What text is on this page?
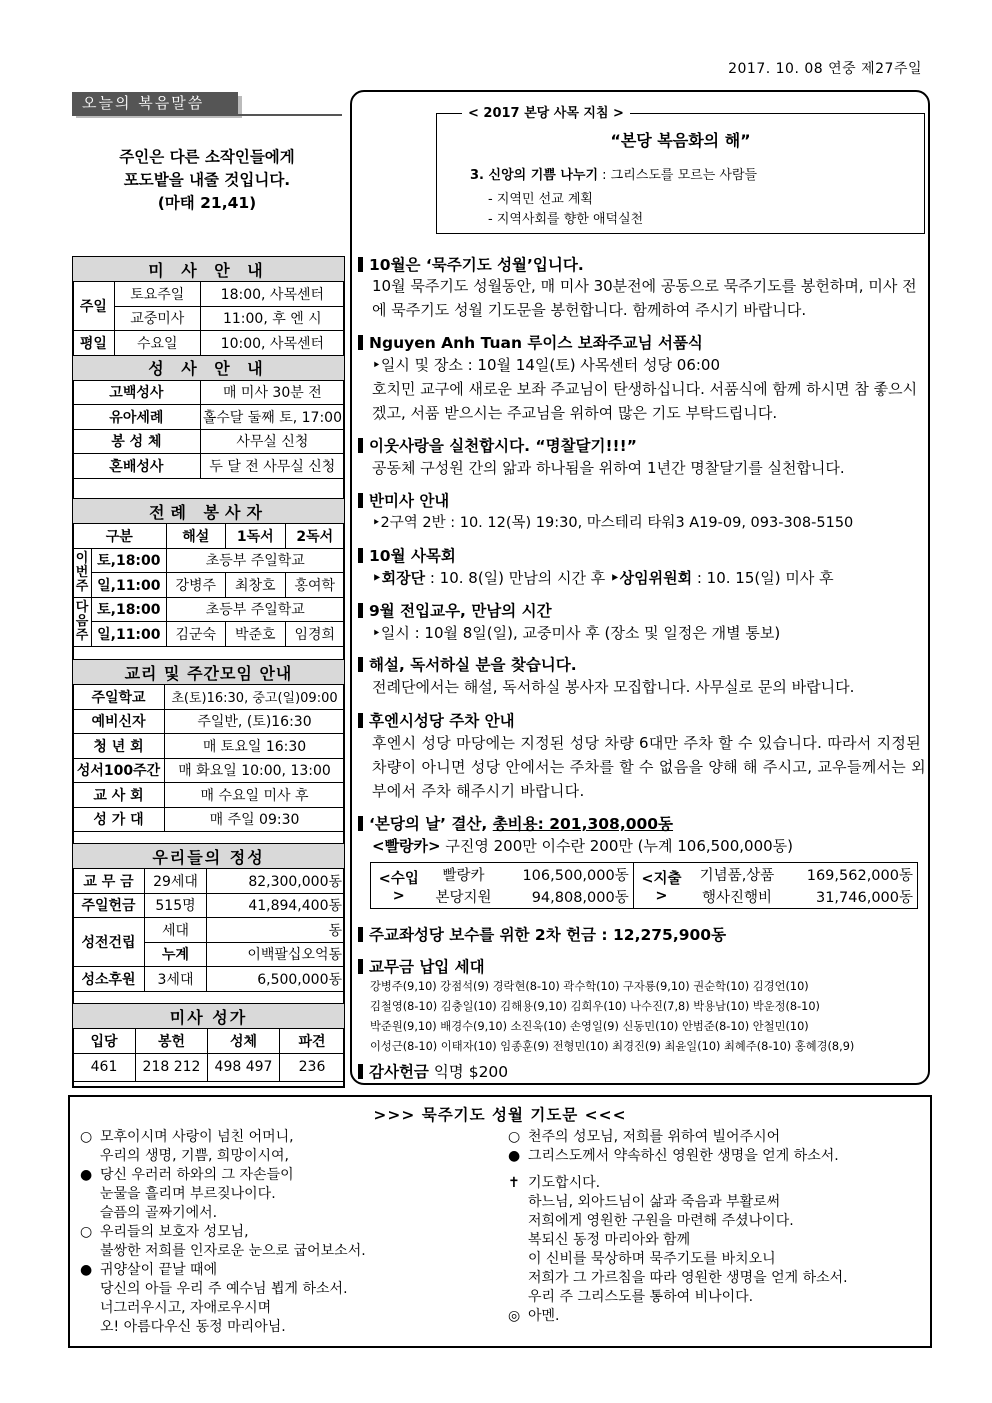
2017. 10. 08 연중 제27주일
오늘의 복음말씀
주인은 다른 소작인들에게
포도밭을 내줄 것입니다.
(마태 21,41)
미 사 안 내		
주일	토요주일	18:00, 사목센터
	교중미사	11:00, 후 엔 시
평일	수요일	10:00, 사목센터
성 사 안 내		
고백성사		매 미사 30분 전
유아세례		홀수달 둘째 토, 17:00
봉 성 체		사무실 신청
혼배성사		두 달 전 사무실 신청
전례 봉사자				
구분		해설	1독서	2독서
이번주	토,18:00	초등부 주일학교		
	일,11:00	강병주	최창호	홍여학
다음주	토,18:00	초등부 주일학교		
	일,11:00	김군숙	박준호	임경희
교리 및 주간모임 안내	
주일학교	초(토)16:30, 중고(일)09:00
예비신자	주일반, (토)16:30
청 년 회	매 토요일 16:30
성서100주간	매 화요일 10:00, 13:00
교 사 회	매 수요일 미사 후
성 가 대	매 주일 09:30
우리들의 정성		
교 무 금	29세대	82,300,000동
주일헌금	515명	41,894,400동
성전건립	세대	동
	누계	이백팔십오억동
성소후원	3세대	6,500,000동
미사 성가			
입당	봉헌	성체	파견
461	218 212	498 497	236
< 2017 본당 사목 지침 >
“본당 복음화의 해”
3. 신앙의 기쁨 나누기 : 그리스도를 모르는 사람들
- 지역민 선교 계획
- 지역사회를 향한 애덕실천
10월은 ‘묵주기도 성월’입니다.
10월 묵주기도 성월동안, 매 미사 30분전에 공동으로 묵주기도를 봉헌하며, 미사 전에 묵주기도 성월 기도문을 봉헌합니다. 함께하여 주시기 바랍니다.
Nguyen Anh Tuan 루이스 보좌주교님 서품식
‣일시 및 장소 : 10월 14일(토) 사목센터 성당 06:00
호치민 교구에 새로운 보좌 주교님이 탄생하십니다. 서품식에 함께 하시면 참 좋으시겠고, 서품 받으시는 주교님을 위하여 많은 기도 부탁드립니다.
이웃사랑을 실천합시다. “명찰달기!!!”
공동체 구성원 간의 앎과 하나됨을 위하여 1년간 명찰달기를 실천합니다.
반미사 안내
‣2구역 2반 : 10. 12(목) 19:30, 마스테리 타워3 A19-09, 093-308-5150
10월 사목회
‣회장단 : 10. 8(일) 만남의 시간 후 ‣상임위원회 : 10. 15(일) 미사 후
9월 전입교우, 만남의 시간
‣일시 : 10월 8일(일), 교중미사 후 (장소 및 일정은 개별 통보)
해설, 독서하실 분을 찾습니다.
전례단에서는 해설, 독서하실 봉사자 모집합니다. 사무실로 문의 바랍니다.
후엔시성당 주차 안내
후엔시 성당 마당에는 지정된 성당 차량 6대만 주차 할 수 있습니다. 따라서 지정된 차량이 아니면 성당 안에서는 주차를 할 수 없음을 양해 해 주시고, 교우들께서는 외부에서 주차 해주시기 바랍니다.
‘본당의 날’ 결산, 총비용: 201,308,000동
<빨랑카> 구진영 200만 이수란 200만 (누계 106,500,000동)
<수입>	빨랑카	106,500,000동	<지출>	기념품,상품	169,562,000동
	본당지원	94,808,000동		행사진행비	31,746,000동
주교좌성당 보수를 위한 2차 헌금 : 12,275,900동
교무금 납입 세대
강병주(9,10) 강점석(9) 경락현(8-10) 곽수학(10) 구자룡(9,10) 권순학(10) 김경언(10)
김철영(8-10) 김충일(10) 김해용(9,10) 김희우(10) 나수진(7,8) 박용남(10) 박운정(8-10)
박준원(9,10) 배경수(9,10) 소진욱(10) 손영일(9) 신동민(10) 안범준(8-10) 안철민(10)
이성근(8-10) 이태자(10) 임종훈(9) 전형민(10) 최경진(9) 최윤일(10) 최혜주(8-10) 홍혜경(8,9)
감사헌금 익명 $200
>>> 묵주기도 성월 기도문 <<<
○ 모후이시며 사랑이 넘친 어머니,
우리의 생명, 기쁨, 희망이시여,
● 당신 우러러 하와의 그 자손들이
눈물을 흘리며 부르짖나이다.
슬픔의 골짜기에서.
○ 우리들의 보호자 성모님,
불쌍한 저희를 인자로운 눈으로 굽어보소서.
● 귀양살이 끝날 때에
당신의 아들 우리 주 예수님 뵙게 하소서.
너그러우시고, 자애로우시며
오! 아름다우신 동정 마리아님.
○ 천주의 성모님, 저희를 위하여 빌어주시어
● 그리스도께서 약속하신 영원한 생명을 얻게 하소서.
✝ 기도합시다.
하느님, 외아드님이 삶과 죽음과 부활로써
저희에게 영원한 구원을 마련해 주셨나이다.
복되신 동정 마리아와 함께
이 신비를 묵상하며 묵주기도를 바치오니
저희가 그 가르침을 따라 영원한 생명을 얻게 하소서.
우리 주 그리스도를 통하여 비나이다.
◎ 아멘.
